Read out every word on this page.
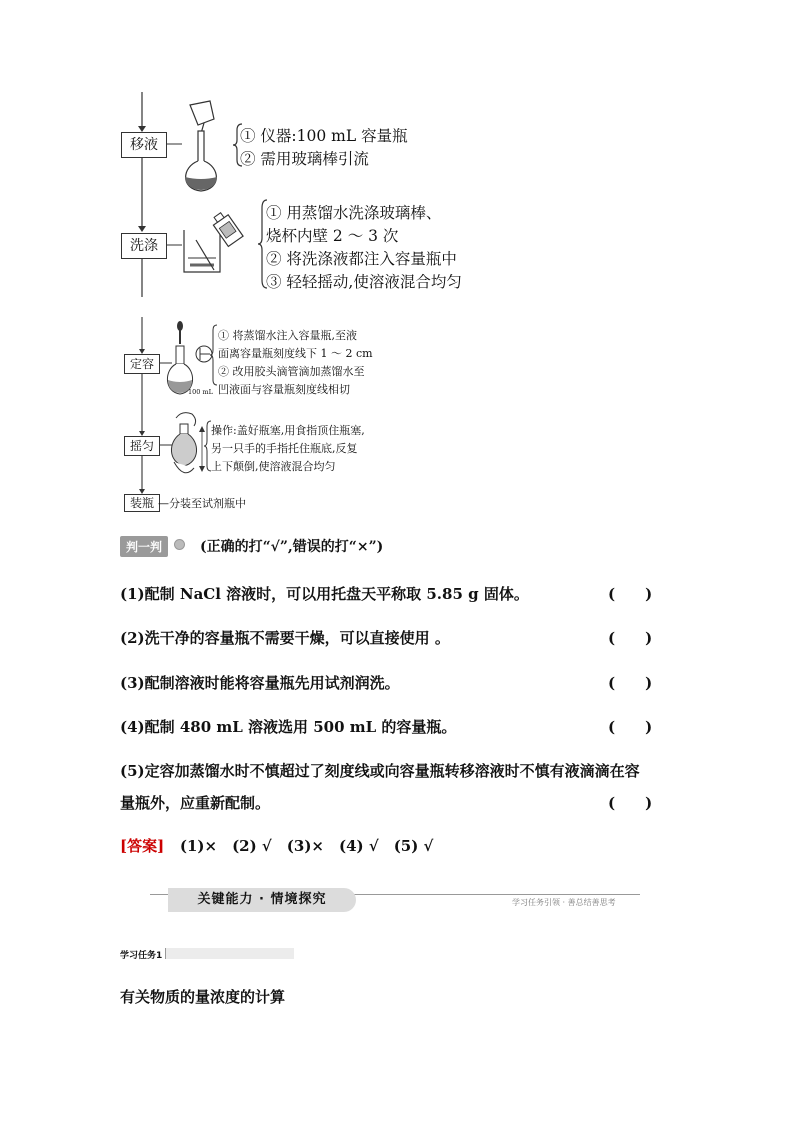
移液
洗涤
① 仪器:100 mL 容量瓶
② 需用玻璃棒引流
① 用蒸馏水洗涤玻璃棒、
烧杯内壁 2 ～ 3 次
② 将洗涤液都注入容量瓶中
③ 轻轻摇动,使溶液混合均匀
定容
摇匀
装瓶
100 mL
① 将蒸馏水注入容量瓶,至液
面离容量瓶刻度线下 1 ～ 2 cm
② 改用胶头滴管滴加蒸馏水至
凹液面与容量瓶刻度线相切
操作:盖好瓶塞,用食指顶住瓶塞,
另一只手的手指托住瓶底,反复
上下颠倒,使溶液混合均匀
—分装至试剂瓶中
判一判	(正确的打“√”,错误的打“×”)
(1)配制 NaCl 溶液时，可以用托盘天平称取 5.85 g 固体。	(　　)
(2)洗干净的容量瓶不需要干燥，可以直接使用 。	(　　)
(3)配制溶液时能将容量瓶先用试剂润洗。	(　　)
(4)配制 480 mL 溶液选用 500 mL 的容量瓶。	(　　)
(5)定容加蒸馏水时不慎超过了刻度线或向容量瓶转移溶液时不慎有液滴滴在容
量瓶外，应重新配制。	(　　)
[答案] (1)×　(2) √　(3)×　(4) √　(5) √
关键能力 · 情境探究	学习任务引领 · 善总结善思考
学习任务1
有关物质的量浓度的计算
